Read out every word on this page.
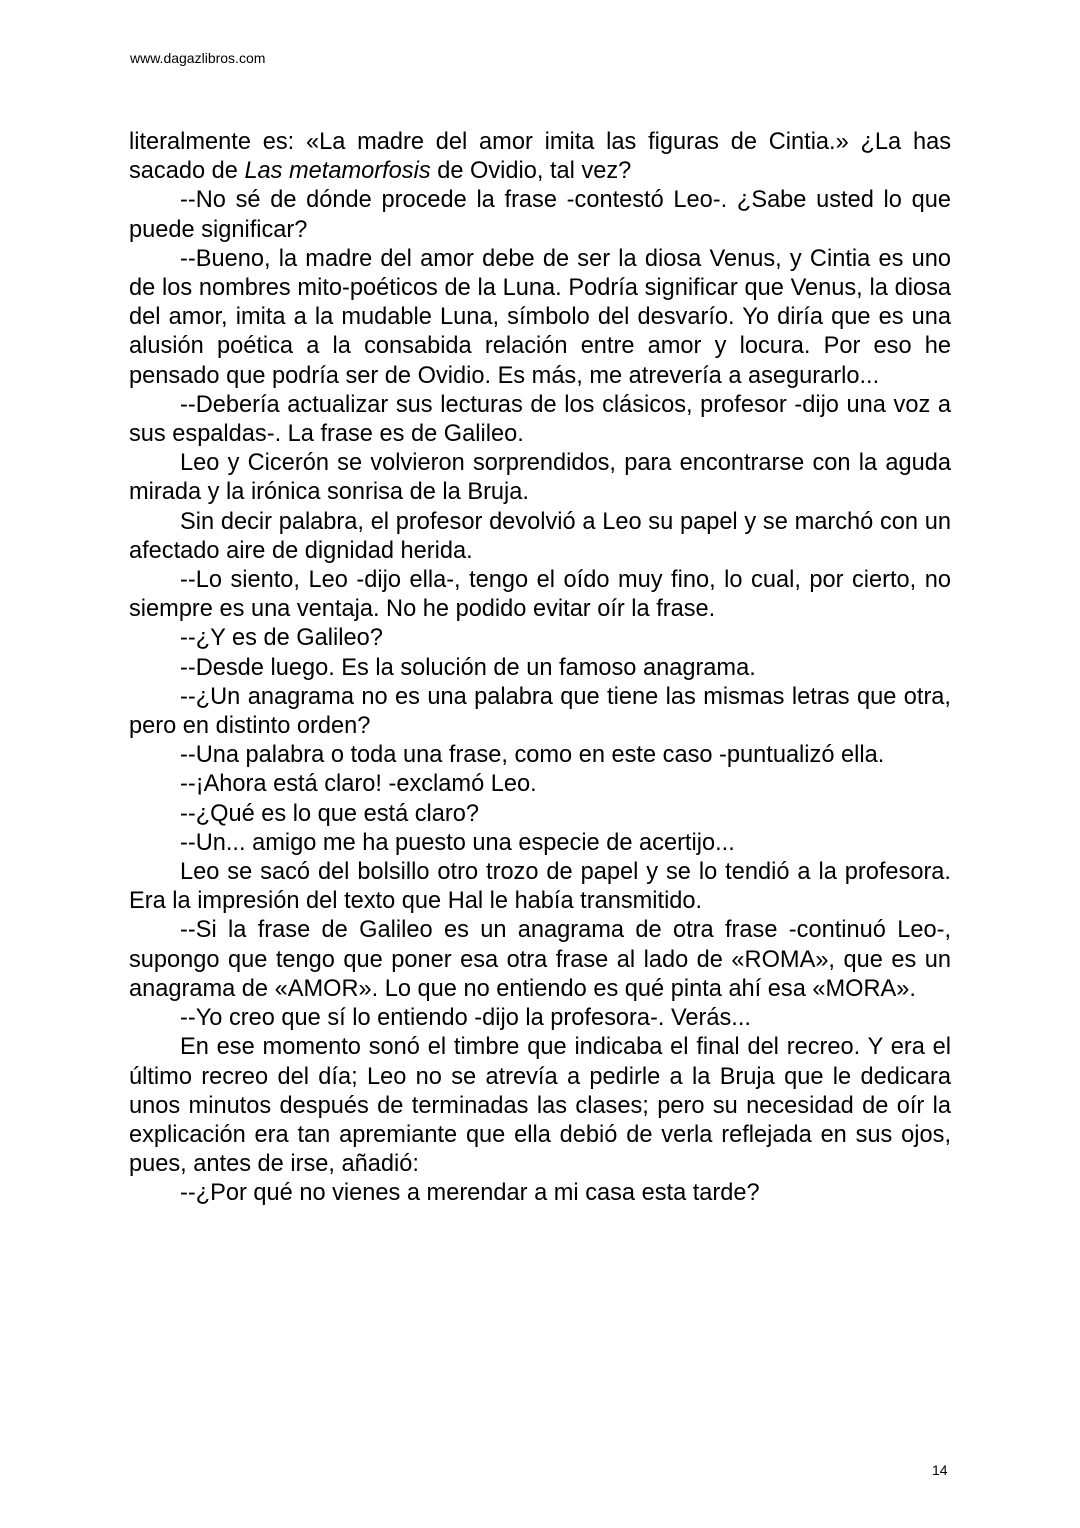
www.dagazlibros.com

literalmente es: «La madre del amor imita las figuras de Cintia.» ¿La has sacado de Las metamorfosis de Ovidio, tal vez?

--No sé de dónde procede la frase -contestó Leo-. ¿Sabe usted lo que puede significar?

--Bueno, la madre del amor debe de ser la diosa Venus, y Cintia es uno de los nombres mito-poéticos de la Luna. Podría significar que Venus, la diosa del amor, imita a la mudable Luna, símbolo del desvarío. Yo diría que es una alusión poética a la consabida relación entre amor y locura. Por eso he pensado que podría ser de Ovidio. Es más, me atrevería a asegurarlo...

--Debería actualizar sus lecturas de los clásicos, profesor -dijo una voz a sus espaldas-. La frase es de Galileo.

Leo y Cicerón se volvieron sorprendidos, para encontrarse con la aguda mirada y la irónica sonrisa de la Bruja.

Sin decir palabra, el profesor devolvió a Leo su papel y se marchó con un afectado aire de dignidad herida.

--Lo siento, Leo -dijo ella-, tengo el oído muy fino, lo cual, por cierto, no siempre es una ventaja. No he podido evitar oír la frase.

--¿Y es de Galileo?

--Desde luego. Es la solución de un famoso anagrama.

--¿Un anagrama no es una palabra que tiene las mismas letras que otra, pero en distinto orden?

--Una palabra o toda una frase, como en este caso -puntualizó ella.

--¡Ahora está claro! -exclamó Leo.

--¿Qué es lo que está claro?

--Un... amigo me ha puesto una especie de acertijo...

Leo se sacó del bolsillo otro trozo de papel y se lo tendió a la profesora. Era la impresión del texto que Hal le había transmitido.

--Si la frase de Galileo es un anagrama de otra frase -continuó Leo-, supongo que tengo que poner esa otra frase al lado de «ROMA», que es un anagrama de «AMOR». Lo que no entiendo es qué pinta ahí esa «MORA».

--Yo creo que sí lo entiendo -dijo la profesora-. Verás...

En ese momento sonó el timbre que indicaba el final del recreo. Y era el último recreo del día; Leo no se atrevía a pedirle a la Bruja que le dedicara unos minutos después de terminadas las clases; pero su necesidad de oír la explicación era tan apremiante que ella debió de verla reflejada en sus ojos, pues, antes de irse, añadió:

--¿Por qué no vienes a merendar a mi casa esta tarde?

14
